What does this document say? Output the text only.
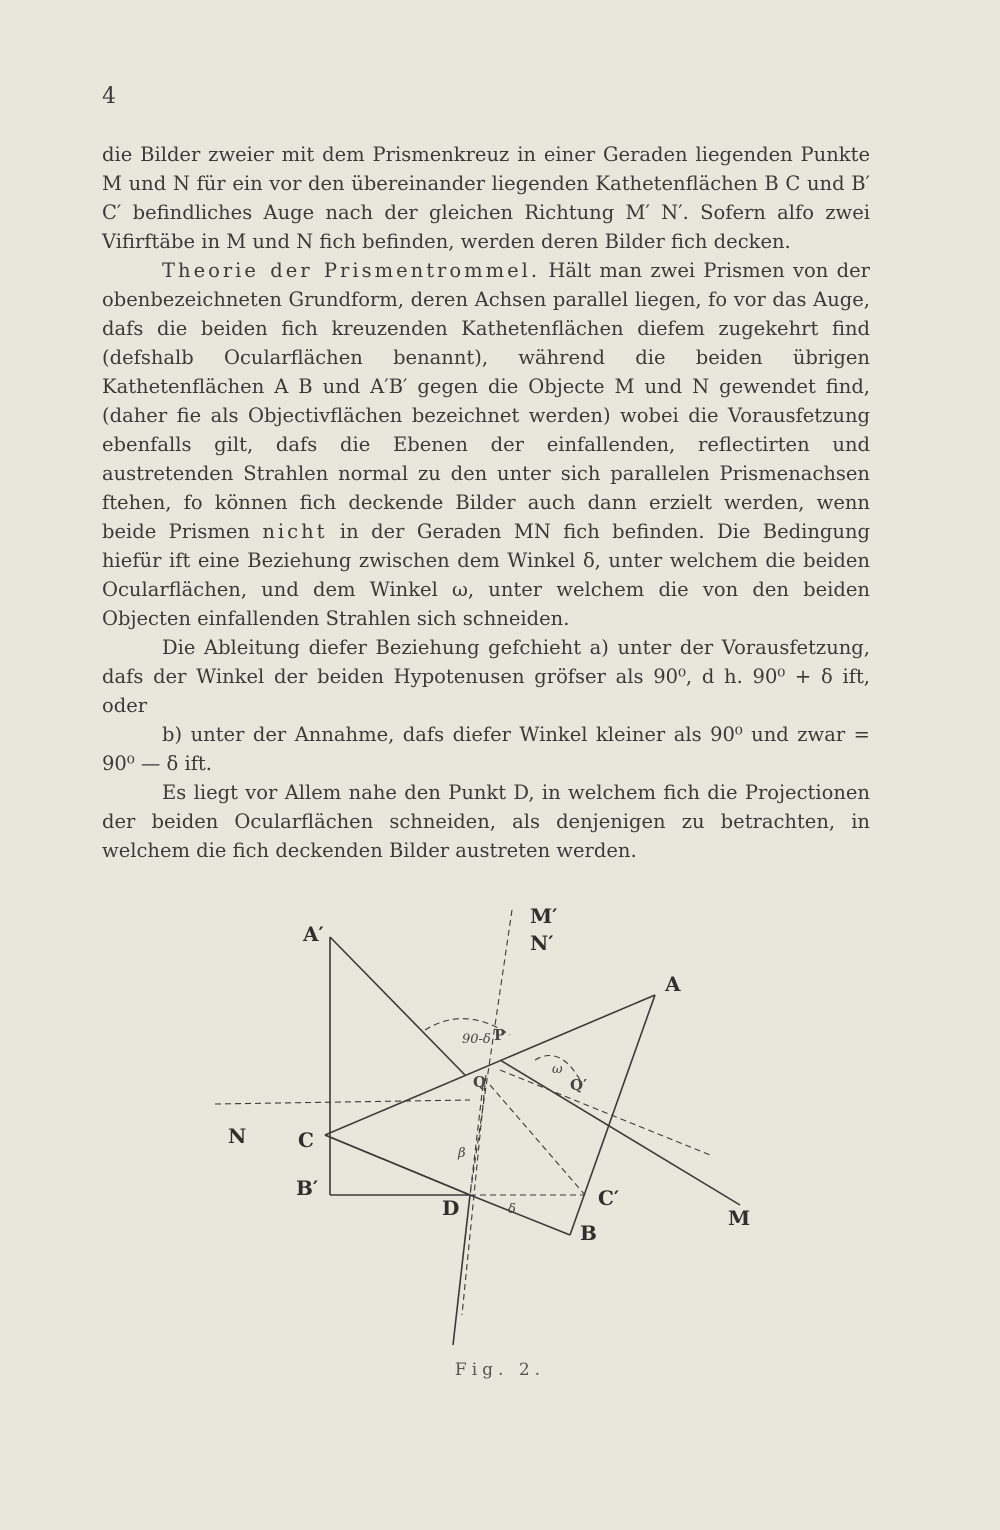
4

die Bilder zweier mit dem Prismenkreuz in einer Geraden liegenden Punkte M und N für ein vor den übereinander liegenden Kathetenflächen B C und B′ C′ befindliches Auge nach der gleichen Richtung M′ N′. Sofern alfo zwei Vifirftäbe in M und N fich befinden, werden deren Bilder fich decken.

Theorie der Prismentrommel. Hält man zwei Prismen von der obenbezeichneten Grundform, deren Achsen parallel liegen, fo vor das Auge, dafs die beiden fich kreuzenden Kathetenflächen diefem zugekehrt find (defshalb Ocularflächen benannt), während die beiden übrigen Kathetenflächen A B und A′B′ gegen die Objecte M und N gewendet find, (daher fie als Objectivflächen bezeichnet werden) wobei die Vorausfetzung ebenfalls gilt, dafs die Ebenen der einfallenden, reflectirten und austretenden Strahlen normal zu den unter sich parallelen Prismenachsen ftehen, fo können fich deckende Bilder auch dann erzielt werden, wenn beide Prismen nicht in der Geraden MN fich befinden. Die Bedingung hiefür ift eine Beziehung zwischen dem Winkel δ, unter welchem die beiden Ocularflächen, und dem Winkel ω, unter welchem die von den beiden Objecten einfallenden Strahlen sich schneiden.

Die Ableitung diefer Beziehung gefchieht a) unter der Vorausfetzung, dafs der Winkel der beiden Hypotenusen gröfser als 90⁰, d h. 90⁰ + δ ift, oder

b) unter der Annahme, dafs diefer Winkel kleiner als 90⁰ und zwar = 90⁰ — δ ift.

Es liegt vor Allem nahe den Punkt D, in welchem fich die Projectionen der beiden Ocularflächen schneiden, als denjenigen zu betrachten, in welchem die fich deckenden Bilder austreten werden.

A′
A
M′
N′
N	C
B′
D
B
C′
M
P
Q	Q′
90-δ
ω
β
δ
Fig. 2.
